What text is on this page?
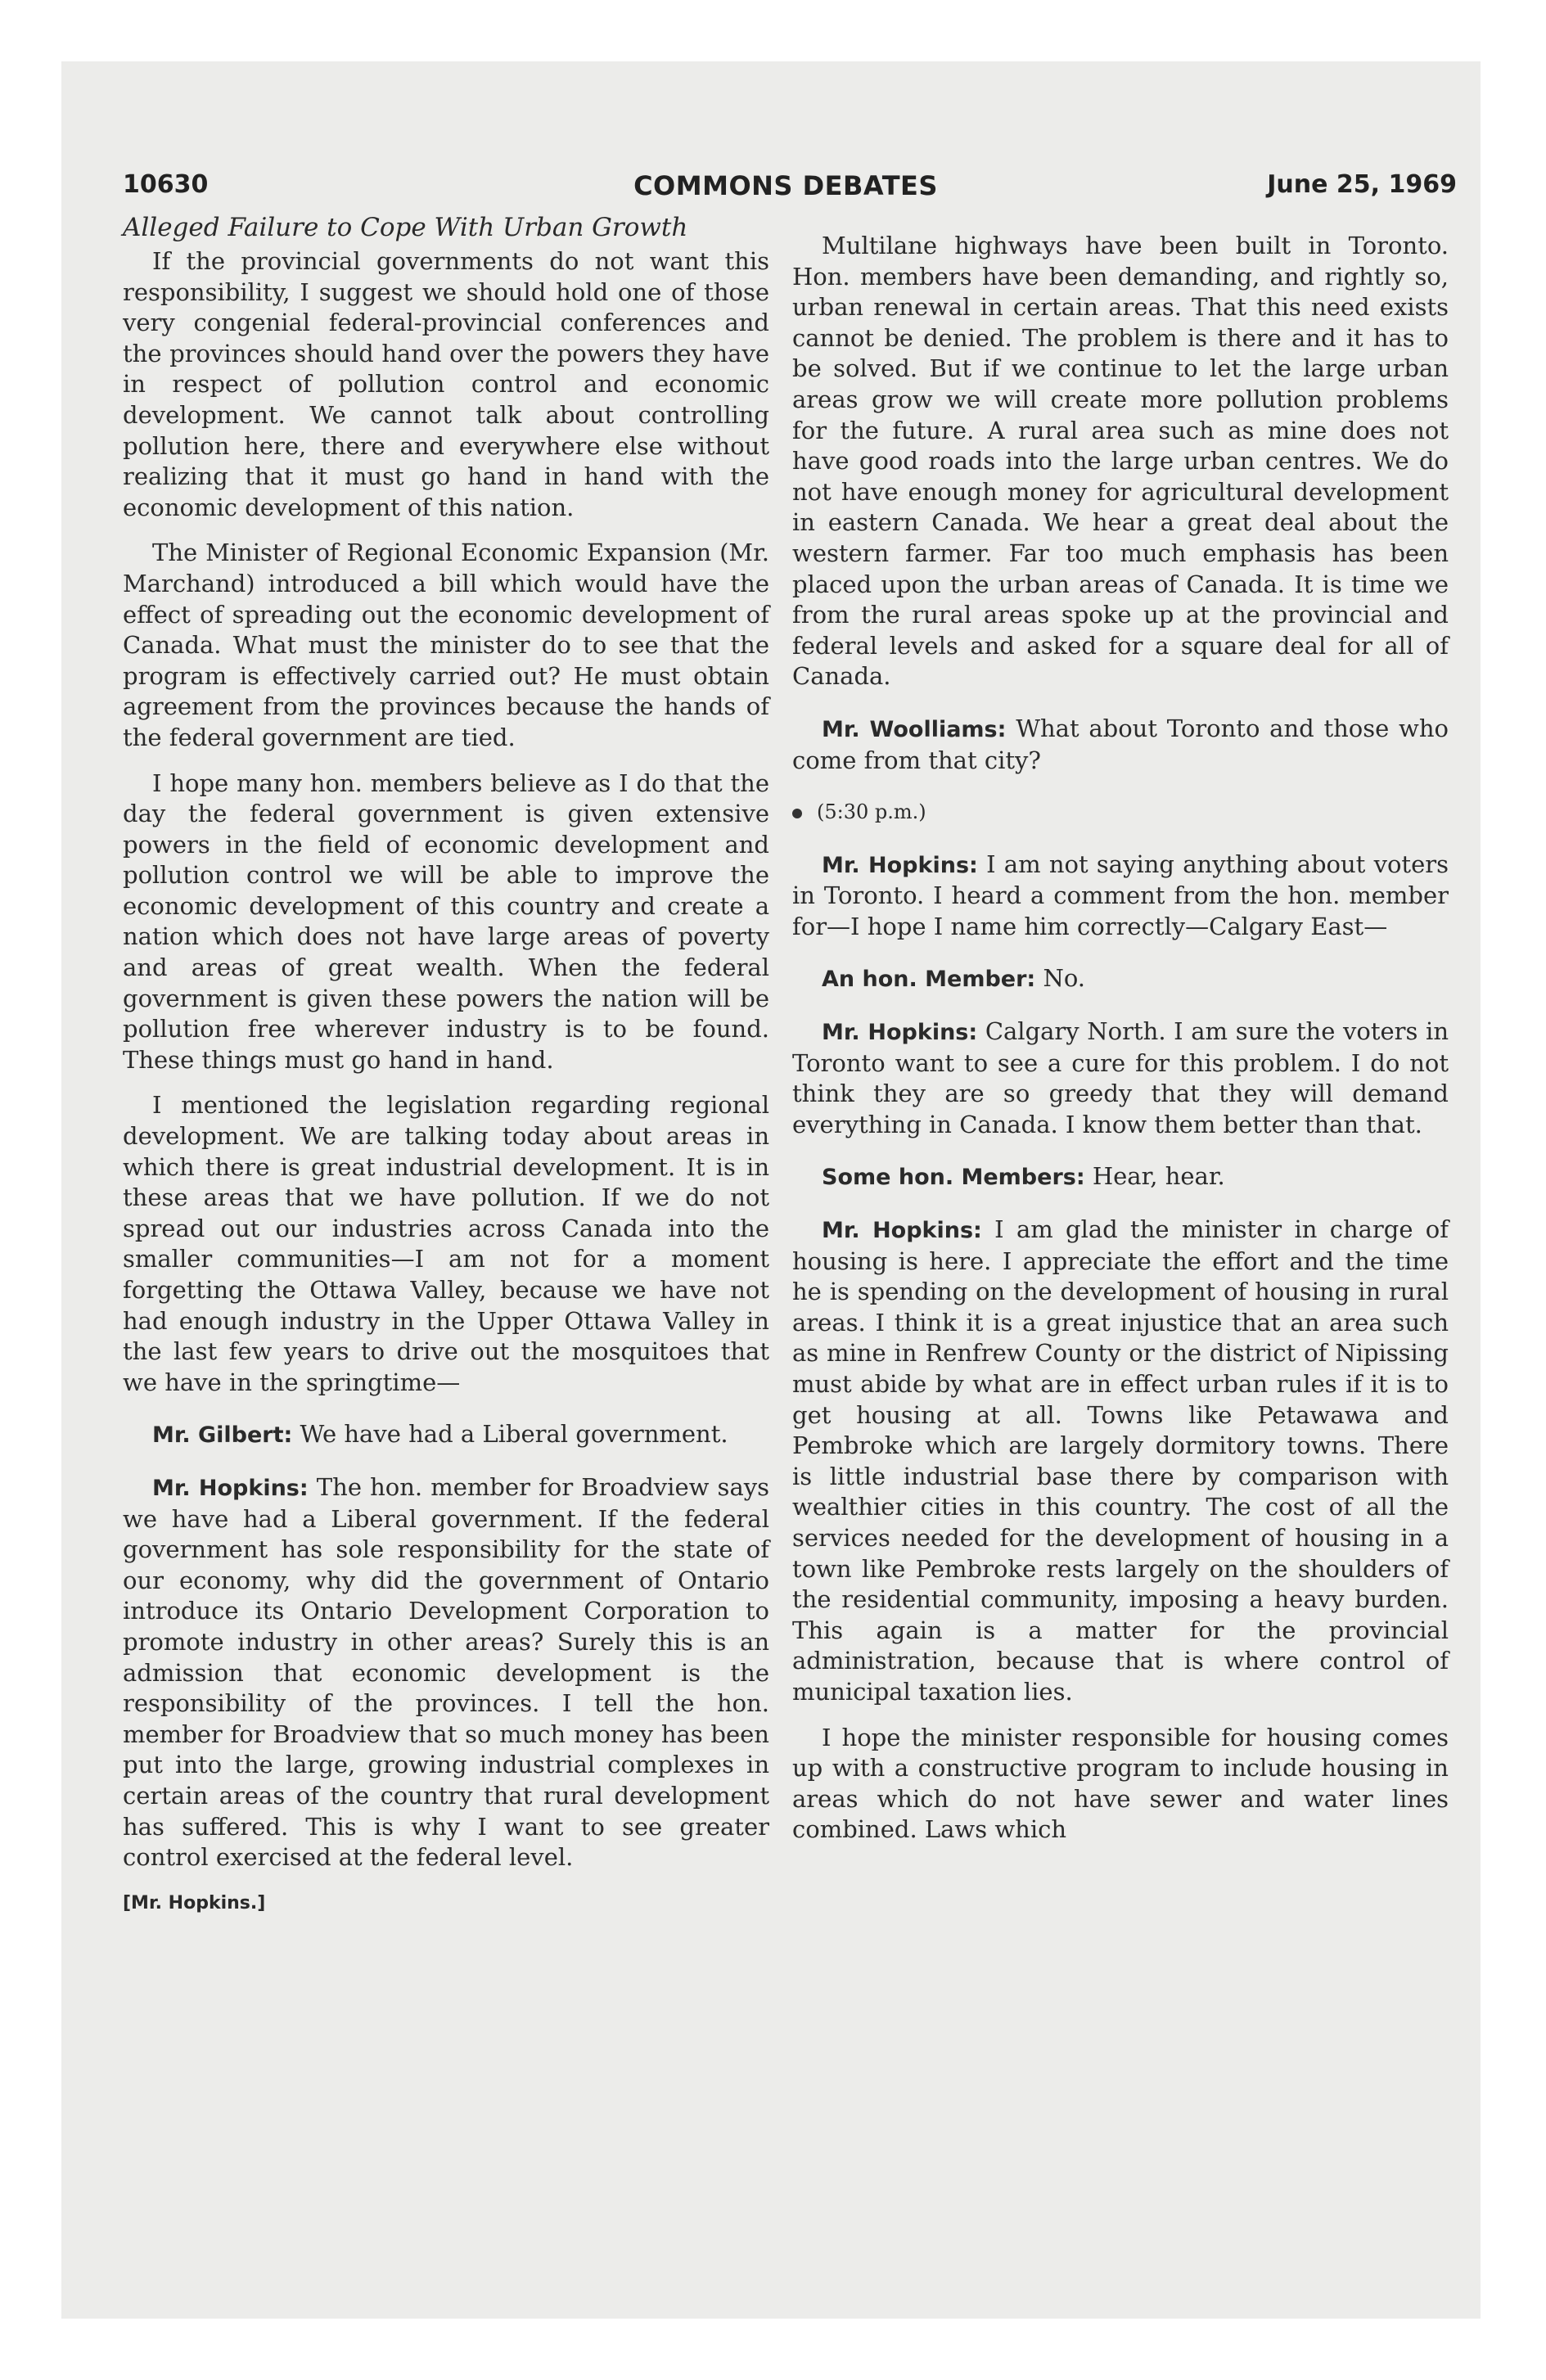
10630	COMMONS DEBATES	June 25, 1969
Alleged Failure to Cope With Urban Growth

If the provincial governments do not want this responsibility, I suggest we should hold one of those very congenial federal-provincial conferences and the provinces should hand over the powers they have in respect of pollution control and economic development. We cannot talk about controlling pollution here, there and everywhere else without realizing that it must go hand in hand with the economic development of this nation.

The Minister of Regional Economic Expansion (Mr. Marchand) introduced a bill which would have the effect of spreading out the economic development of Canada. What must the minister do to see that the program is effectively carried out? He must obtain agreement from the provinces because the hands of the federal government are tied.

I hope many hon. members believe as I do that the day the federal government is given extensive powers in the field of economic development and pollution control we will be able to improve the economic development of this country and create a nation which does not have large areas of poverty and areas of great wealth. When the federal government is given these powers the nation will be pollution free wherever industry is to be found. These things must go hand in hand.

I mentioned the legislation regarding regional development. We are talking today about areas in which there is great industrial development. It is in these areas that we have pollution. If we do not spread out our industries across Canada into the smaller communities—I am not for a moment forgetting the Ottawa Valley, because we have not had enough industry in the Upper Ottawa Valley in the last few years to drive out the mosquitoes that we have in the springtime—

Mr. Gilbert: We have had a Liberal government.

Mr. Hopkins: The hon. member for Broadview says we have had a Liberal government. If the federal government has sole responsibility for the state of our economy, why did the government of Ontario introduce its Ontario Development Corporation to promote industry in other areas? Surely this is an admission that economic development is the responsibility of the provinces. I tell the hon. member for Broadview that so much money has been put into the large, growing industrial complexes in certain areas of the country that rural development has suffered. This is why I want to see greater control exercised at the federal level.

[Mr. Hopkins.]

Multilane highways have been built in Toronto. Hon. members have been demanding, and rightly so, urban renewal in certain areas. That this need exists cannot be denied. The problem is there and it has to be solved. But if we continue to let the large urban areas grow we will create more pollution problems for the future. A rural area such as mine does not have good roads into the large urban centres. We do not have enough money for agricultural development in eastern Canada. We hear a great deal about the western farmer. Far too much emphasis has been placed upon the urban areas of Canada. It is time we from the rural areas spoke up at the provincial and federal levels and asked for a square deal for all of Canada.

Mr. Woolliams: What about Toronto and those who come from that city?

(5:30 p.m.)

Mr. Hopkins: I am not saying anything about voters in Toronto. I heard a comment from the hon. member for—I hope I name him correctly—Calgary East—

An hon. Member: No.

Mr. Hopkins: Calgary North. I am sure the voters in Toronto want to see a cure for this problem. I do not think they are so greedy that they will demand everything in Canada. I know them better than that.

Some hon. Members: Hear, hear.

Mr. Hopkins: I am glad the minister in charge of housing is here. I appreciate the effort and the time he is spending on the development of housing in rural areas. I think it is a great injustice that an area such as mine in Renfrew County or the district of Nipissing must abide by what are in effect urban rules if it is to get housing at all. Towns like Petawawa and Pembroke which are largely dormitory towns. There is little industrial base there by comparison with wealthier cities in this country. The cost of all the services needed for the development of housing in a town like Pembroke rests largely on the shoulders of the residential community, imposing a heavy burden. This again is a matter for the provincial administration, because that is where control of municipal taxation lies.

I hope the minister responsible for housing comes up with a constructive program to include housing in areas which do not have sewer and water lines combined. Laws which
